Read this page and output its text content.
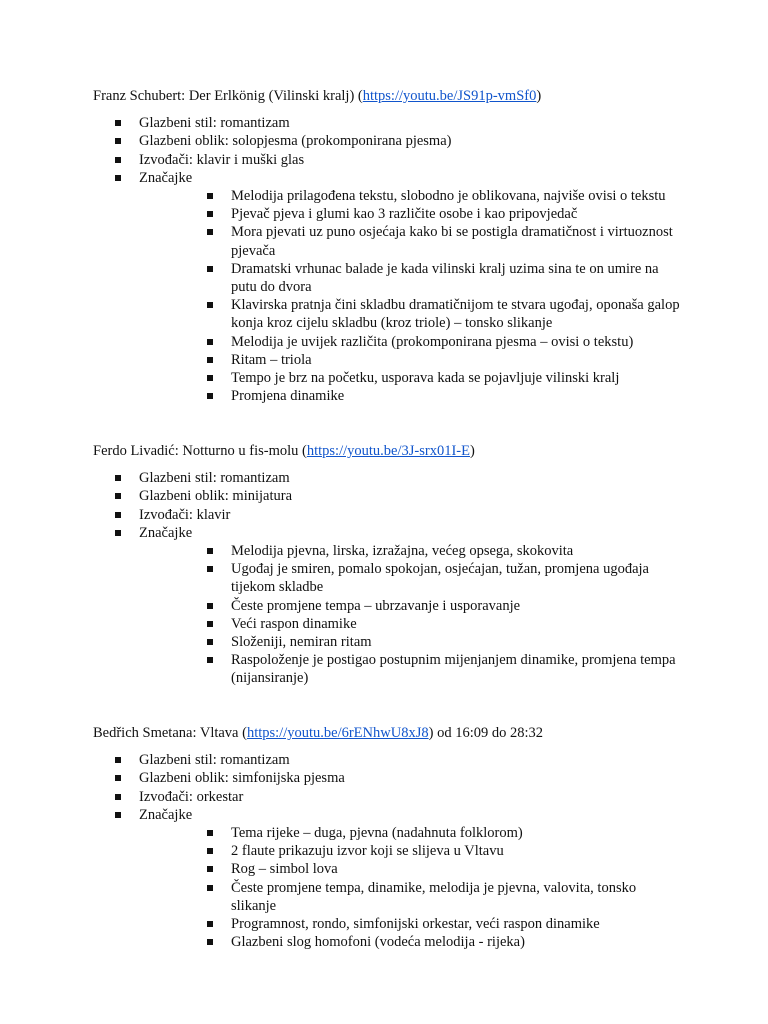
Franz Schubert: Der Erlkönig (Vilinski kralj) (https://youtu.be/JS91p-vmSf0)

Glazbeni stil: romantizam
Glazbeni oblik: solopjesma (prokomponirana pjesma)
Izvođači: klavir i muški glas
Značajke
Melodija prilagođena tekstu, slobodno je oblikovana, najviše ovisi o tekstu
Pjevač pjeva i glumi kao 3 različite osobe i kao pripovjedač
Mora pjevati uz puno osjećaja kako bi se postigla dramatičnost i virtuoznost pjevača
Dramatski vrhunac balade je kada vilinski kralj uzima sina te on umire na putu do dvora
Klavirska pratnja čini skladbu dramatičnijom te stvara ugođaj, oponaša galop konja kroz cijelu skladbu (kroz triole) – tonsko slikanje
Melodija je uvijek različita (prokomponirana pjesma – ovisi o tekstu)
Ritam – triola
Tempo je brz na početku, usporava kada se pojavljuje vilinski kralj
Promjena dinamike

Ferdo Livadić: Notturno u fis-molu (https://youtu.be/3J-srx01I-E)

Glazbeni stil: romantizam
Glazbeni oblik: minijatura
Izvođači: klavir
Značajke
Melodija pjevna, lirska, izražajna, većeg opsega, skokovita
Ugođaj je smiren, pomalo spokojan, osjećajan, tužan, promjena ugođaja tijekom skladbe
Česte promjene tempa – ubrzavanje i usporavanje
Veći raspon dinamike
Složeniji, nemiran ritam
Raspoloženje je postigao postupnim mijenjanjem dinamike, promjena tempa (nijansiranje)

Bedřich Smetana: Vltava (https://youtu.be/6rENhwU8xJ8) od 16:09 do 28:32

Glazbeni stil: romantizam
Glazbeni oblik: simfonijska pjesma
Izvođači: orkestar
Značajke
Tema rijeke – duga, pjevna (nadahnuta folklorom)
2 flaute prikazuju izvor koji se slijeva u Vltavu
Rog – simbol lova
Česte promjene tempa, dinamike, melodija je pjevna, valovita, tonsko slikanje
Programnost, rondo, simfonijski orkestar, veći raspon dinamike
Glazbeni slog homofoni (vodeća melodija - rijeka)
